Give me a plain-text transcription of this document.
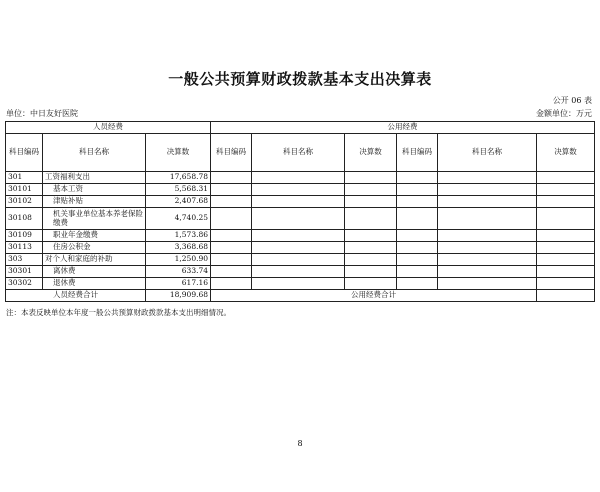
一般公共预算财政拨款基本支出决算表
公开 06 表
单位：中日友好医院	金额单位：万元
人员经费			公用经费					
科目编码	科目名称	决算数	科目编码	科目名称	决算数	科目编码	科目名称	决算数
301	工资福利支出	17,658.78						
30101	基本工资	5,568.31						
30102	津贴补贴	2,407.68						
30108	机关事业单位基本养老保险缴费	4,740.25						
30109	职业年金缴费	1,573.86						
30113	住房公积金	3,368.68						
303	对个人和家庭的补助	1,250.90						
30301	离休费	633.74						
30302	退休费	617.16						
人员经费合计		18,909.68	公用经费合计					
注：本表反映单位本年度一般公共预算财政拨款基本支出明细情况。
8
